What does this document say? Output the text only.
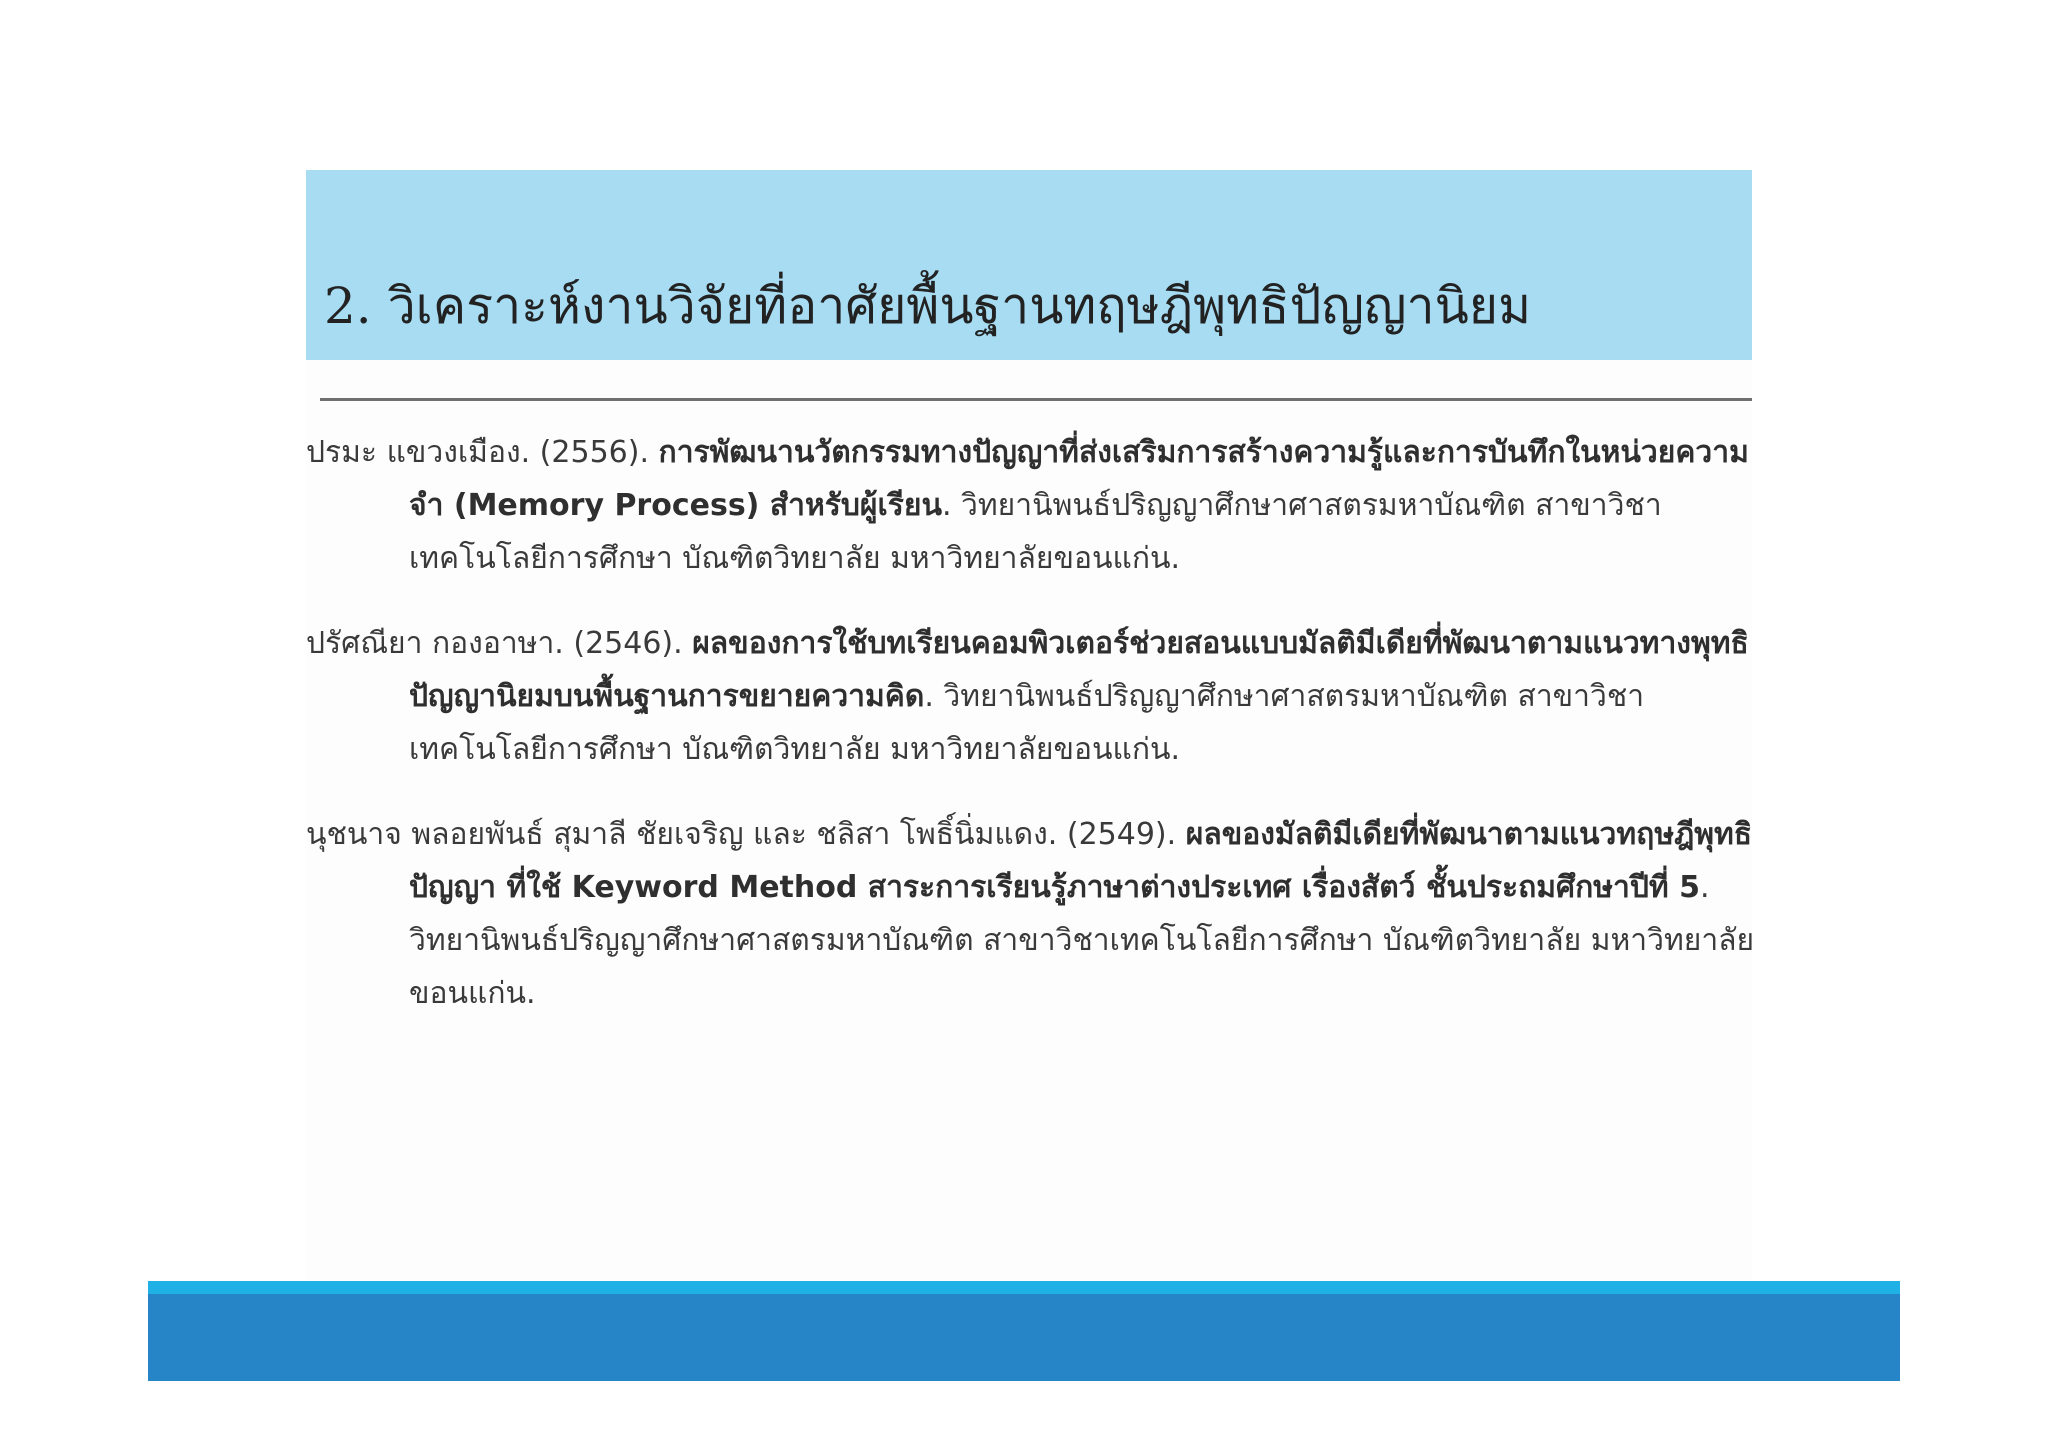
2. วิเคราะห์งานวิจัยที่อาศัยพื้นฐานทฤษฎีพุทธิปัญญานิยม
ปรมะ แขวงเมือง. (2556). การพัฒนานวัตกรรมทางปัญญาที่ส่งเสริมการสร้างความรู้และการบันทึกในหน่วยความจำ (Memory Process) สำหรับผู้เรียน. วิทยานิพนธ์ปริญญาศึกษาศาสตรมหาบัณฑิต สาขาวิชาเทคโนโลยีการศึกษา บัณฑิตวิทยาลัย มหาวิทยาลัยขอนแก่น.
ปรัศณียา กองอาษา. (2546). ผลของการใช้บทเรียนคอมพิวเตอร์ช่วยสอนแบบมัลติมีเดียที่พัฒนาตามแนวทางพุทธิปัญญานิยมบนพื้นฐานการขยายความคิด. วิทยานิพนธ์ปริญญาศึกษาศาสตรมหาบัณฑิต สาขาวิชาเทคโนโลยีการศึกษา บัณฑิตวิทยาลัย มหาวิทยาลัยขอนแก่น.
นุชนาจ พลอยพันธ์ สุมาลี ชัยเจริญ และ ชลิสา โพธิ์นิ่มแดง. (2549). ผลของมัลติมีเดียที่พัฒนาตามแนวทฤษฎีพุทธิปัญญา ที่ใช้ Keyword Method สาระการเรียนรู้ภาษาต่างประเทศ เรื่องสัตว์ ชั้นประถมศึกษาปีที่ 5. วิทยานิพนธ์ปริญญาศึกษาศาสตรมหาบัณฑิต สาขาวิชาเทคโนโลยีการศึกษา บัณฑิตวิทยาลัย มหาวิทยาลัยขอนแก่น.
